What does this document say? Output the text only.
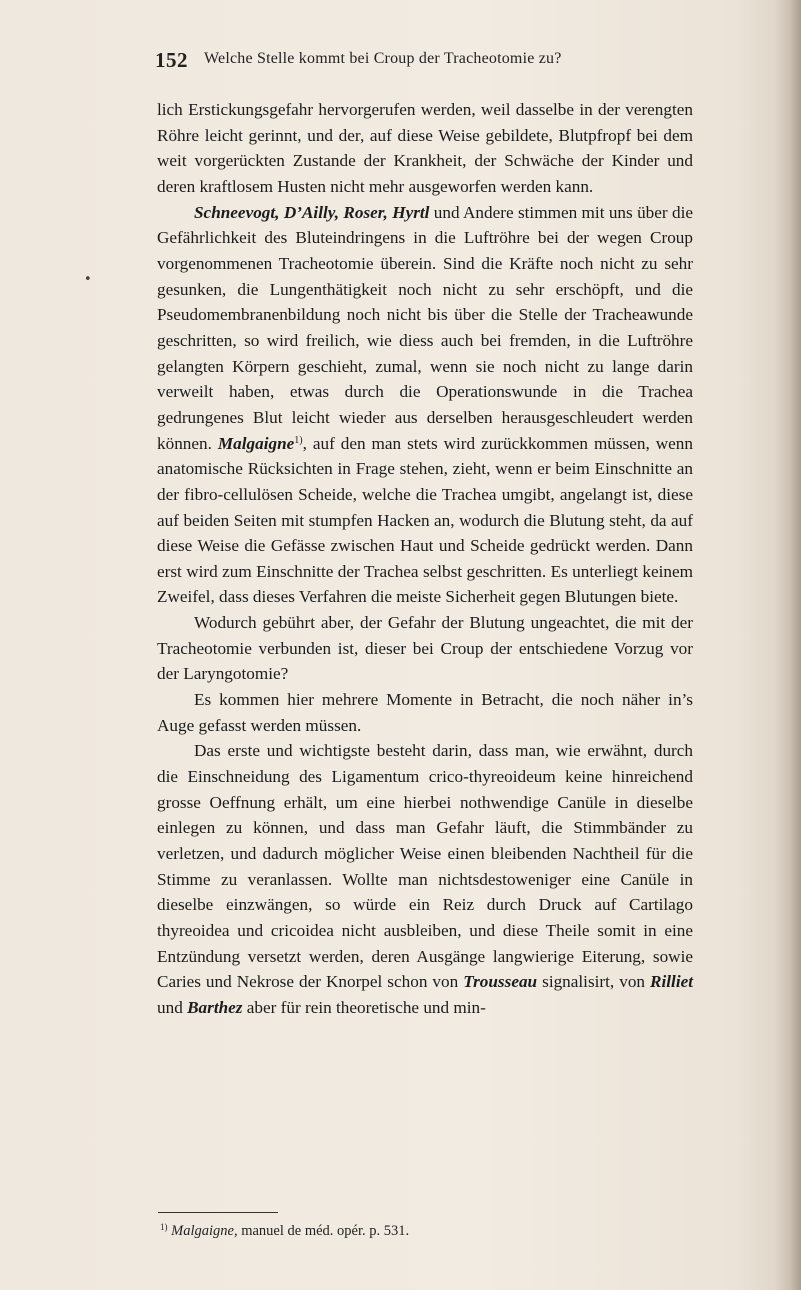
152 Welche Stelle kommt bei Croup der Tracheotomie zu?
•

lich Erstickungsgefahr hervorgerufen werden, weil dasselbe in der verengten Röhre leicht gerinnt, und der, auf diese Weise gebildete, Blutpfropf bei dem weit vorgerückten Zustande der Krankheit, der Schwäche der Kinder und deren kraftlosem Husten nicht mehr ausgeworfen werden kann.

Schneevogt, D’Ailly, Roser, Hyrtl und Andere stimmen mit uns über die Gefährlichkeit des Bluteindringens in die Luftröhre bei der wegen Croup vorgenommenen Tracheotomie überein. Sind die Kräfte noch nicht zu sehr gesunken, die Lungenthätigkeit noch nicht zu sehr erschöpft, und die Pseudomembranenbildung noch nicht bis über die Stelle der Tracheawunde geschritten, so wird freilich, wie diess auch bei fremden, in die Luftröhre gelangten Körpern geschieht, zumal, wenn sie noch nicht zu lange darin verweilt haben, etwas durch die Operationswunde in die Trachea gedrungenes Blut leicht wieder aus derselben herausgeschleudert werden können. Malgaigne$^{1)}$, auf den man stets wird zurückkommen müssen, wenn anatomische Rücksichten in Frage stehen, zieht, wenn er beim Einschnitte an der fibro-cellulösen Scheide, welche die Trachea umgibt, angelangt ist, diese auf beiden Seiten mit stumpfen Hacken an, wodurch die Blutung steht, da auf diese Weise die Gefässe zwischen Haut und Scheide gedrückt werden. Dann erst wird zum Einschnitte der Trachea selbst geschritten. Es unterliegt keinem Zweifel, dass dieses Verfahren die meiste Sicherheit gegen Blutungen biete.

Wodurch gebührt aber, der Gefahr der Blutung ungeachtet, die mit der Tracheotomie verbunden ist, dieser bei Croup der entschiedene Vorzug vor der Laryngotomie?

Es kommen hier mehrere Momente in Betracht, die noch näher in’s Auge gefasst werden müssen.

Das erste und wichtigste besteht darin, dass man, wie erwähnt, durch die Einschneidung des Ligamentum crico-thyreoideum keine hinreichend grosse Oeffnung erhält, um eine hierbei nothwendige Canüle in dieselbe einlegen zu können, und dass man Gefahr läuft, die Stimmbänder zu verletzen, und dadurch möglicher Weise einen bleibenden Nachtheil für die Stimme zu veranlassen. Wollte man nichtsdestoweniger eine Canüle in dieselbe einzwängen, so würde ein Reiz durch Druck auf Cartilago thyreoidea und cricoidea nicht ausbleiben, und diese Theile somit in eine Entzündung versetzt werden, deren Ausgänge langwierige Eiterung, sowie Caries und Nekrose der Knorpel schon von Trousseau signalisirt, von Rilliet und Barthez aber für rein theoretische und min-

$^{1)}$ Malgaigne, manuel de méd. opér. p. 531.
